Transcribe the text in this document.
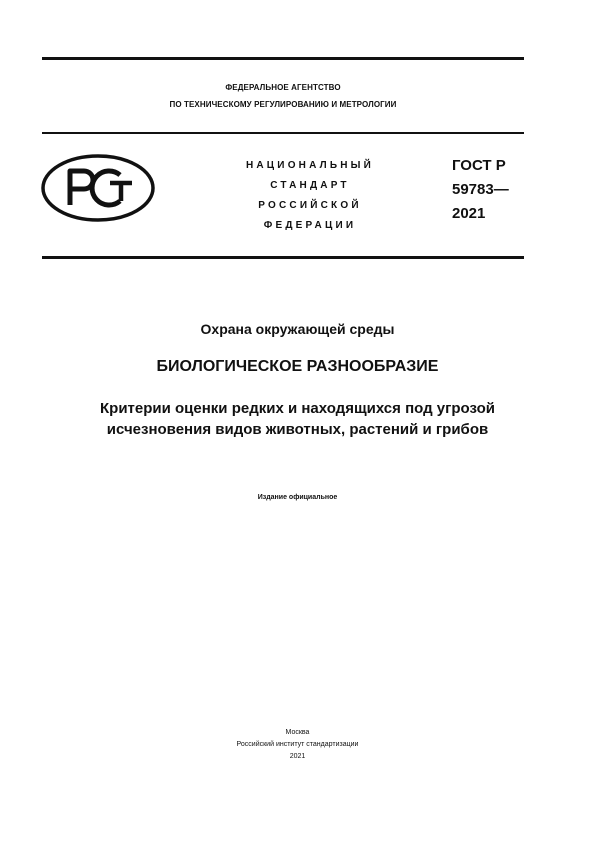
ФЕДЕРАЛЬНОЕ АГЕНТСТВО
ПО ТЕХНИЧЕСКОМУ РЕГУЛИРОВАНИЮ И МЕТРОЛОГИИ
НАЦИОНАЛЬНЫЙ
СТАНДАРТ
РОССИЙСКОЙ
ФЕДЕРАЦИИ
ГОСТ Р
59783—
2021
Охрана окружающей среды
БИОЛОГИЧЕСКОЕ РАЗНООБРАЗИЕ
Критерии оценки редких и находящихся под угрозой
исчезновения видов животных, растений и грибов
Издание официальное
Москва
Российский институт стандартизации
2021
